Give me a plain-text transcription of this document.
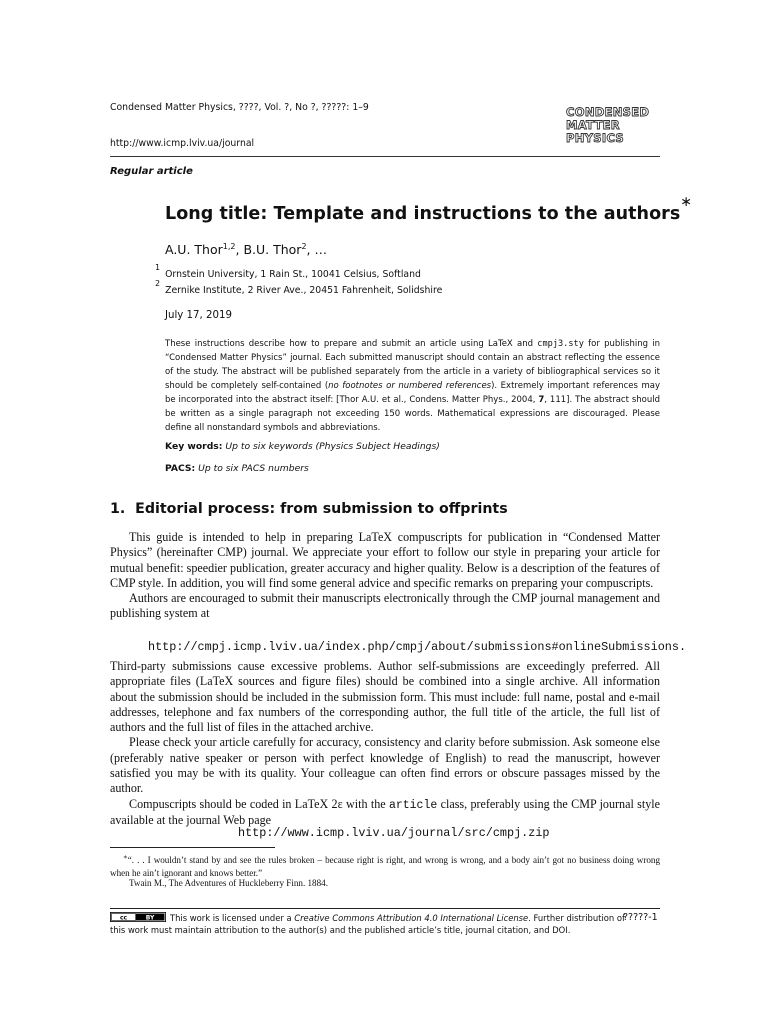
Condensed Matter Physics, ????, Vol. ?, No ?, ?????: 1–9
http://www.icmp.lviv.ua/journal
CONDENSED
MATTER
PHYSICS
Regular article
Long title: Template and instructions to the authors∗
A.U. Thor$^{1,2}$, B.U. Thor$^2$, …
$^1$Ornstein University, 1 Rain St., 10041 Celsius, Softland
$^2$Zernike Institute, 2 River Ave., 20451 Fahrenheit, Solidshire
July 17, 2019
These instructions describe how to prepare and submit an article using LaTeX and cmpj3.sty for publishing in “Condensed Matter Physics” journal. Each submitted manuscript should contain an abstract reflecting the essence of the study. The abstract will be published separately from the article in a variety of bibliographical services so it should be completely self-contained (no footnotes or numbered references). Extremely important references may be incorporated into the abstract itself: [Thor A.U. et al., Condens. Matter Phys., 2004, 7, 111]. The abstract should be written as a single paragraph not exceeding 150 words. Mathematical expressions are discouraged. Please define all nonstandard symbols and abbreviations.
Key words: Up to six keywords (Physics Subject Headings)
PACS: Up to six PACS numbers
1. Editorial process: from submission to offprints

This guide is intended to help in preparing LaTeX compuscripts for publication in “Condensed Matter Physics” (hereinafter CMP) journal. We appreciate your effort to follow our style in preparing your article for mutual benefit: speedier publication, greater accuracy and higher quality. Below is a description of the features of CMP style. In addition, you will find some general advice and specific remarks on preparing your compuscripts.

Authors are encouraged to submit their manuscripts electronically through the CMP journal management and publishing system at

http://cmpj.icmp.lviv.ua/index.php/cmpj/about/submissions#onlineSubmissions.

Third-party submissions cause excessive problems. Author self-submissions are exceedingly preferred. All appropriate files (LaTeX sources and figure files) should be combined into a single archive. All information about the submission should be included in the submission form. This must include: full name, postal and e-mail addresses, telephone and fax numbers of the corresponding author, the full title of the article, the full list of authors and the full list of files in the attached archive.

Please check your article carefully for accuracy, consistency and clarity before submission. Ask someone else (preferably native speaker or person with perfect knowledge of English) to read the manuscript, however satisfied you may be with its quality. Your colleague can often find errors or obscure passages missed by the author.

Compuscripts should be coded in LaTeX 2ε with the article class, preferably using the CMP journal style available at the journal Web page

http://www.icmp.lviv.ua/journal/src/cmpj.zip
∗“. . . I wouldn’t stand by and see the rules broken – because right is right, and wrong is wrong, and a body ain’t got no business doing wrong when he ain’t ignorant and knows better.”
Twain M., The Adventures of Huckleberry Finn. 1884.
cc	BY This work is licensed under a Creative Commons Attribution 4.0 International License. Further distribution of this work must maintain attribution to the author(s) and the published article’s title, journal citation, and DOI.
?????-1
